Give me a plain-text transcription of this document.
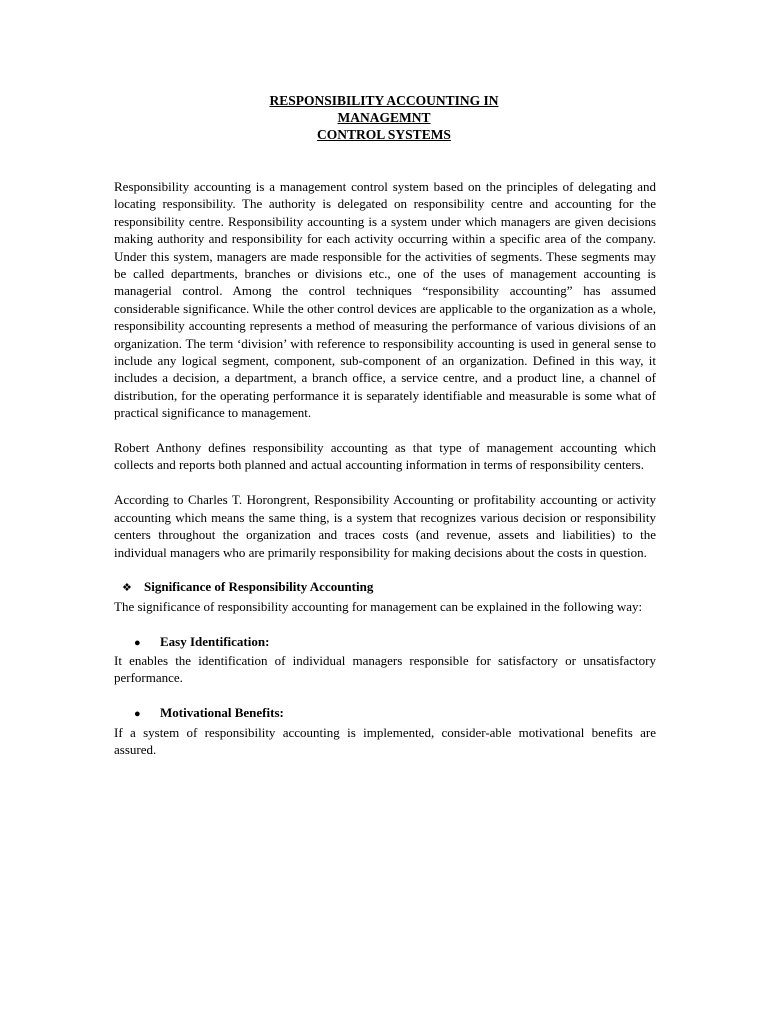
RESPONSIBILITY ACCOUNTING IN
MANAGEMNT
CONTROL SYSTEMS

Responsibility accounting is a management control system based on the principles of delegating and locating responsibility. The authority is delegated on responsibility centre and accounting for the responsibility centre. Responsibility accounting is a system under which managers are given decisions making authority and responsibility for each activity occurring within a specific area of the company. Under this system, managers are made responsible for the activities of segments. These segments may be called departments, branches or divisions etc., one of the uses of management accounting is managerial control. Among the control techniques “responsibility accounting” has assumed considerable significance. While the other control devices are applicable to the organization as a whole, responsibility accounting represents a method of measuring the performance of various divisions of an organization. The term ‘division’ with reference to responsibility accounting is used in general sense to include any logical segment, component, sub-component of an organization. Defined in this way, it includes a decision, a department, a branch office, a service centre, and a product line, a channel of distribution, for the operating performance it is separately identifiable and measurable is some what of practical significance to management.

Robert Anthony defines responsibility accounting as that type of management accounting which collects and reports both planned and actual accounting information in terms of responsibility centers.

According to Charles T. Horongrent, Responsibility Accounting or profitability accounting or activity accounting which means the same thing, is a system that recognizes various decision or responsibility centers throughout the organization and traces costs (and revenue, assets and liabilities) to the individual managers who are primarily responsibility for making decisions about the costs in question.

❖ Significance of Responsibility Accounting

The significance of responsibility accounting for management can be explained in the following way:

●	Easy Identification:

It enables the identification of individual managers responsible for satisfactory or unsatisfactory performance.

●	Motivational Benefits:

If a system of responsibility accounting is implemented, consider-able motivational benefits are assured.
